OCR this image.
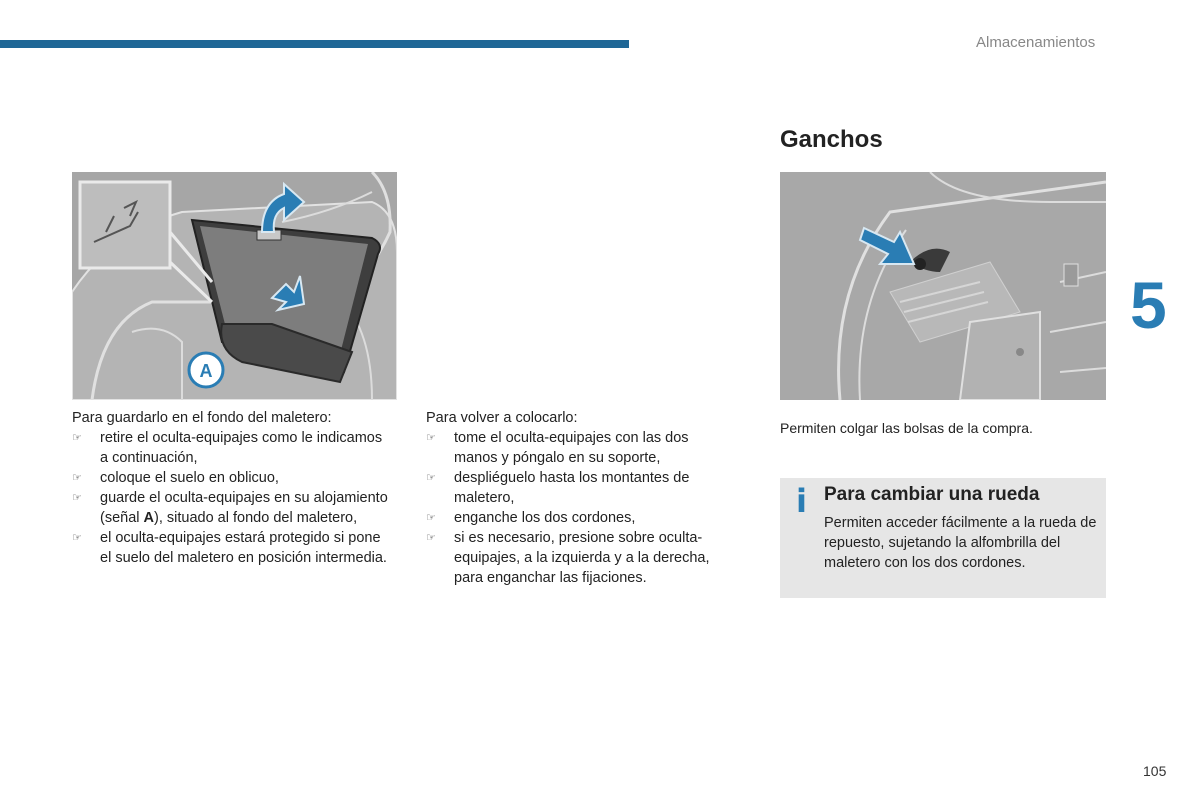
Almacenamientos
5
105
A

Para guardarlo en el fondo del maletero:

☞ retire el oculta-equipajes como le indicamos a continuación,
☞ coloque el suelo en oblicuo,
☞ guarde el oculta-equipajes en su alojamiento (señal A), situado al fondo del maletero,
☞ el oculta-equipajes estará protegido si pone el suelo del maletero en posición intermedia.

Para volver a colocarlo:

☞ tome el oculta-equipajes con las dos manos y póngalo en su soporte,
☞ despliéguelo hasta los montantes de maletero,
☞ enganche los dos cordones,
☞ si es necesario, presione sobre oculta-equipajes, a la izquierda y a la derecha, para enganchar las fijaciones.
Ganchos
Permiten colgar las bolsas de la compra.
i Para cambiar una rueda
Permiten acceder fácilmente a la rueda de repuesto, sujetando la alfombrilla del maletero con los dos cordones.
